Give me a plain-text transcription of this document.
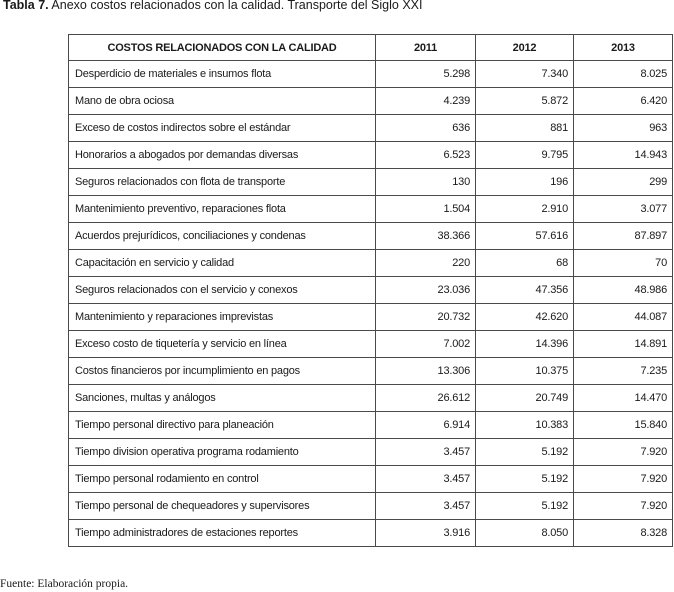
Tabla 7. Anexo costos relacionados con la calidad. Transporte del Siglo XXI
COSTOS RELACIONADOS CON LA CALIDAD	2011	2012	2013
Desperdicio de materiales e insumos flota	5.298	7.340	8.025
Mano de obra ociosa	4.239	5.872	6.420
Exceso de costos indirectos sobre el estándar	636	881	963
Honorarios a abogados por demandas diversas	6.523	9.795	14.943
Seguros relacionados con flota de transporte	130	196	299
Mantenimiento preventivo, reparaciones flota	1.504	2.910	3.077
Acuerdos prejurídicos, conciliaciones y condenas	38.366	57.616	87.897
Capacitación en servicio y calidad	220	68	70
Seguros relacionados con el servicio y conexos	23.036	47.356	48.986
Mantenimiento y reparaciones imprevistas	20.732	42.620	44.087
Exceso costo de tiquetería y servicio en línea	7.002	14.396	14.891
Costos financieros por incumplimiento en pagos	13.306	10.375	7.235
Sanciones, multas y análogos	26.612	20.749	14.470
Tiempo personal directivo para planeación	6.914	10.383	15.840
Tiempo division operativa programa rodamiento	3.457	5.192	7.920
Tiempo personal rodamiento en control	3.457	5.192	7.920
Tiempo personal de chequeadores y supervisores	3.457	5.192	7.920
Tiempo administradores de estaciones reportes	3.916	8.050	8.328
Fuente: Elaboración propia.
